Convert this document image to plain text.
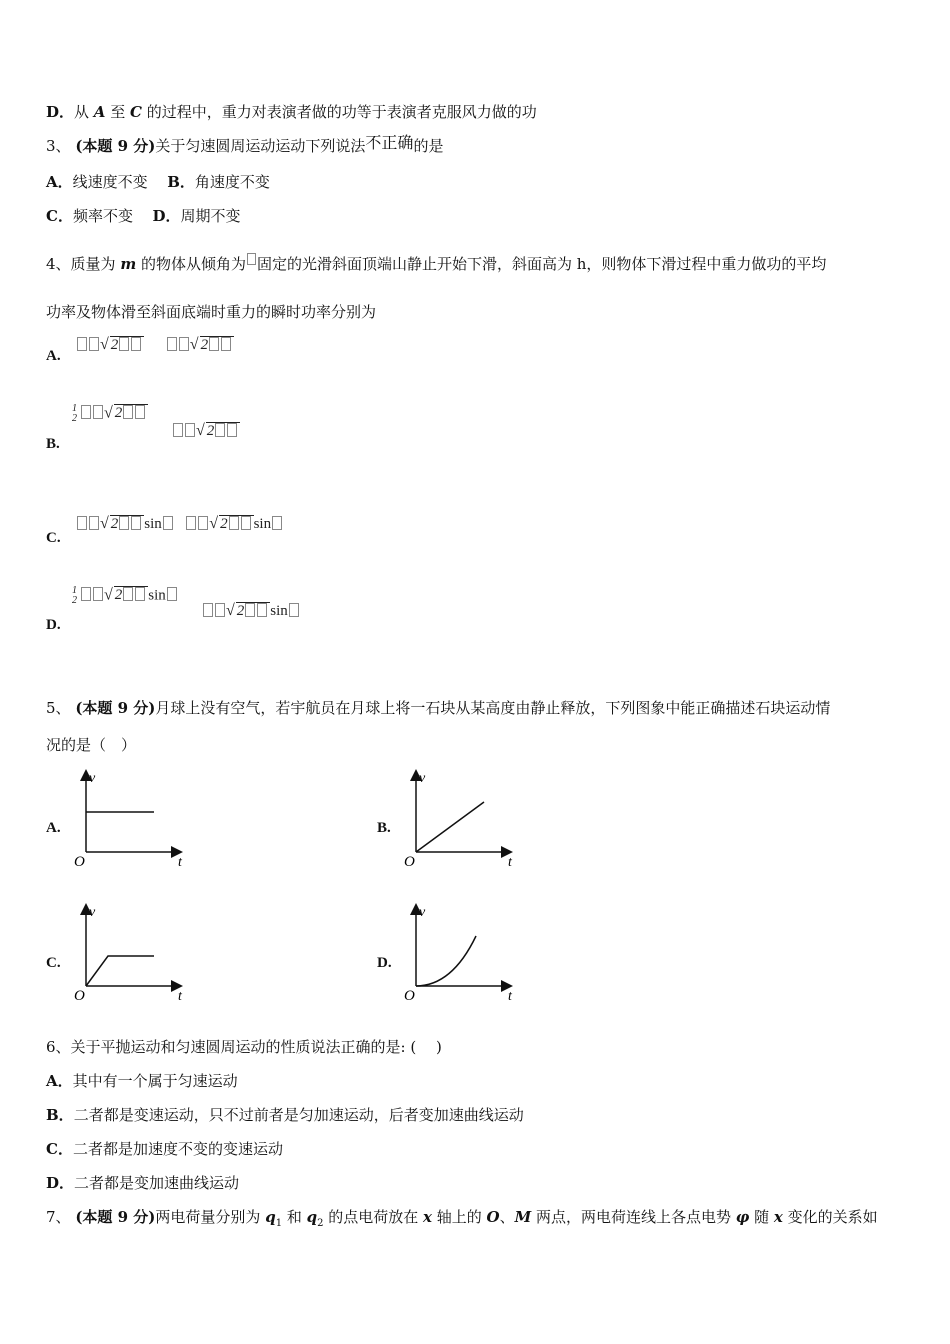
D．从 A 至 C 的过程中，重力对表演者做的功等于表演者克服风力做的功
3、 (本题 9 分)关于匀速圆周运动运动下列说法不正确的是
A．线速度不变 B．角速度不变
C．频率不变 D．周期不变
4、质量为 m 的物体从倾角为 固定的光滑斜面顶端山静止开始下滑，斜面高为 h，则物体下滑过程中重力做功的平均
功率及物体滑至斜面底端时重力的瞬时功率分别为
A.
√ 2	√ 2
B.
1
2 √ 2
√ 2
C.
√ 2 sin	√ 2 sin
D.
1
2 √ 2 sin
√ 2 sin
5、 (本题 9 分)月球上没有空气，若宇航员在月球上将一石块从某高度由静止释放，下列图象中能正确描述石块运动情
况的是（　）
A.
v
t
O
B.
v
t
O
C.
v
t
O
D.
v
t
O
6、关于平抛运动和匀速圆周运动的性质说法正确的是: (　 )
A．其中有一个属于匀速运动
B．二者都是变速运动，只不过前者是匀加速运动，后者变加速曲线运动
C．二者都是加速度不变的变速运动
D．二者都是变加速曲线运动
7、 (本题 9 分)两电荷量分别为 $q_1$ 和 $q_2$ 的点电荷放在 x 轴上的 O、M 两点，两电荷连线上各点电势 φ 随 x 变化的关系如
